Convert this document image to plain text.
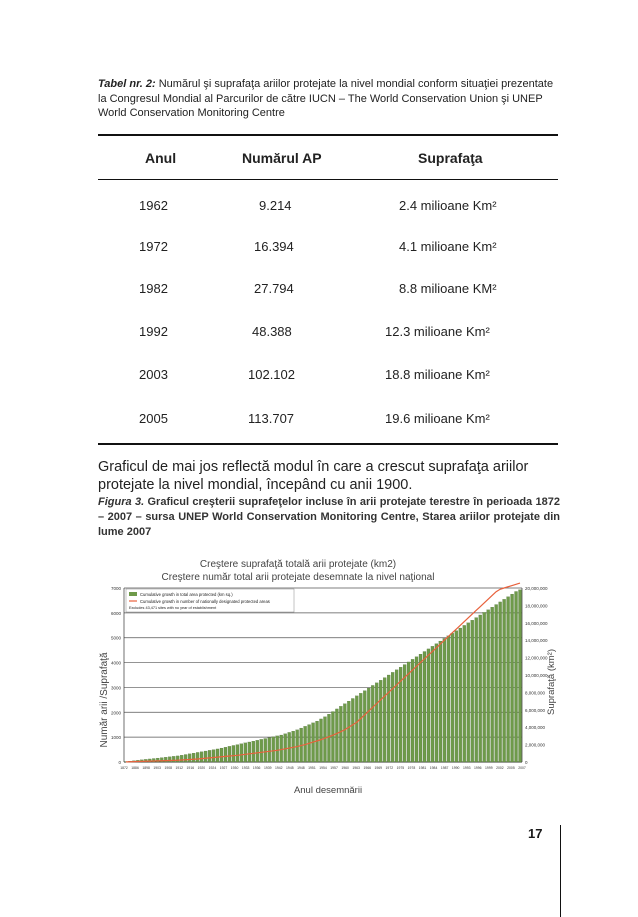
Tabel nr. 2: Numărul şi suprafaţa ariilor protejate la nivel mondial conform situaţiei prezentate la Congresul Mondial al Parcurilor de către IUCN – The World Conservation Union şi UNEP World Conservation Monitoring Centre
Anul	Numărul AP	Suprafaţa
1962	9.214	2.4 milioane Km²
1972	16.394	4.1 milioane Km²
1982	27.794	8.8 milioane KM²
1992	48.388	12.3 milioane Km²
2003	102.102	18.8 milioane Km²
2005	113.707	19.6 milioane Km²
Graficul de mai jos reflectă modul în care a crescut suprafaţa ariilor protejate la nivel mondial, începând cu anii 1900.
Figura 3. Graficul creşterii suprafeţelor incluse în arii protejate terestre în perioada 1872 – 2007 – sursa UNEP World Conservation Monitoring Centre, Starea ariilor protejate din lume 2007
Creştere suprafaţă totală arii protejate (km2)
Creştere număr total arii protejate desemnate la nivel naţional
0
1000
2000
3000
4000
5000
6000
7000
0
2,000,000
4,000,000
6,000,000
8,000,000
10,000,000
12,000,000
14,000,000
16,000,000
18,000,000
20,000,000
1872 1886 1898 1903 1908 1912 1916 1920 1924 1927 1930 1933 1936 1939 1942 1945 1948 1951 1954 1957 1960 1963 1966 1969 1972 1975 1978 1981 1984 1987 1990 1993 1996 1999 2002 2005 2007
Cumulative growth in total area protected (km sq.)
Cumulative growth in number of nationally designated protected areas
Excludes 43,471 sites with no year of establishment
Anul desemnării
Număr arii /Suprafaţă	Suprafaţă (km²)
17
